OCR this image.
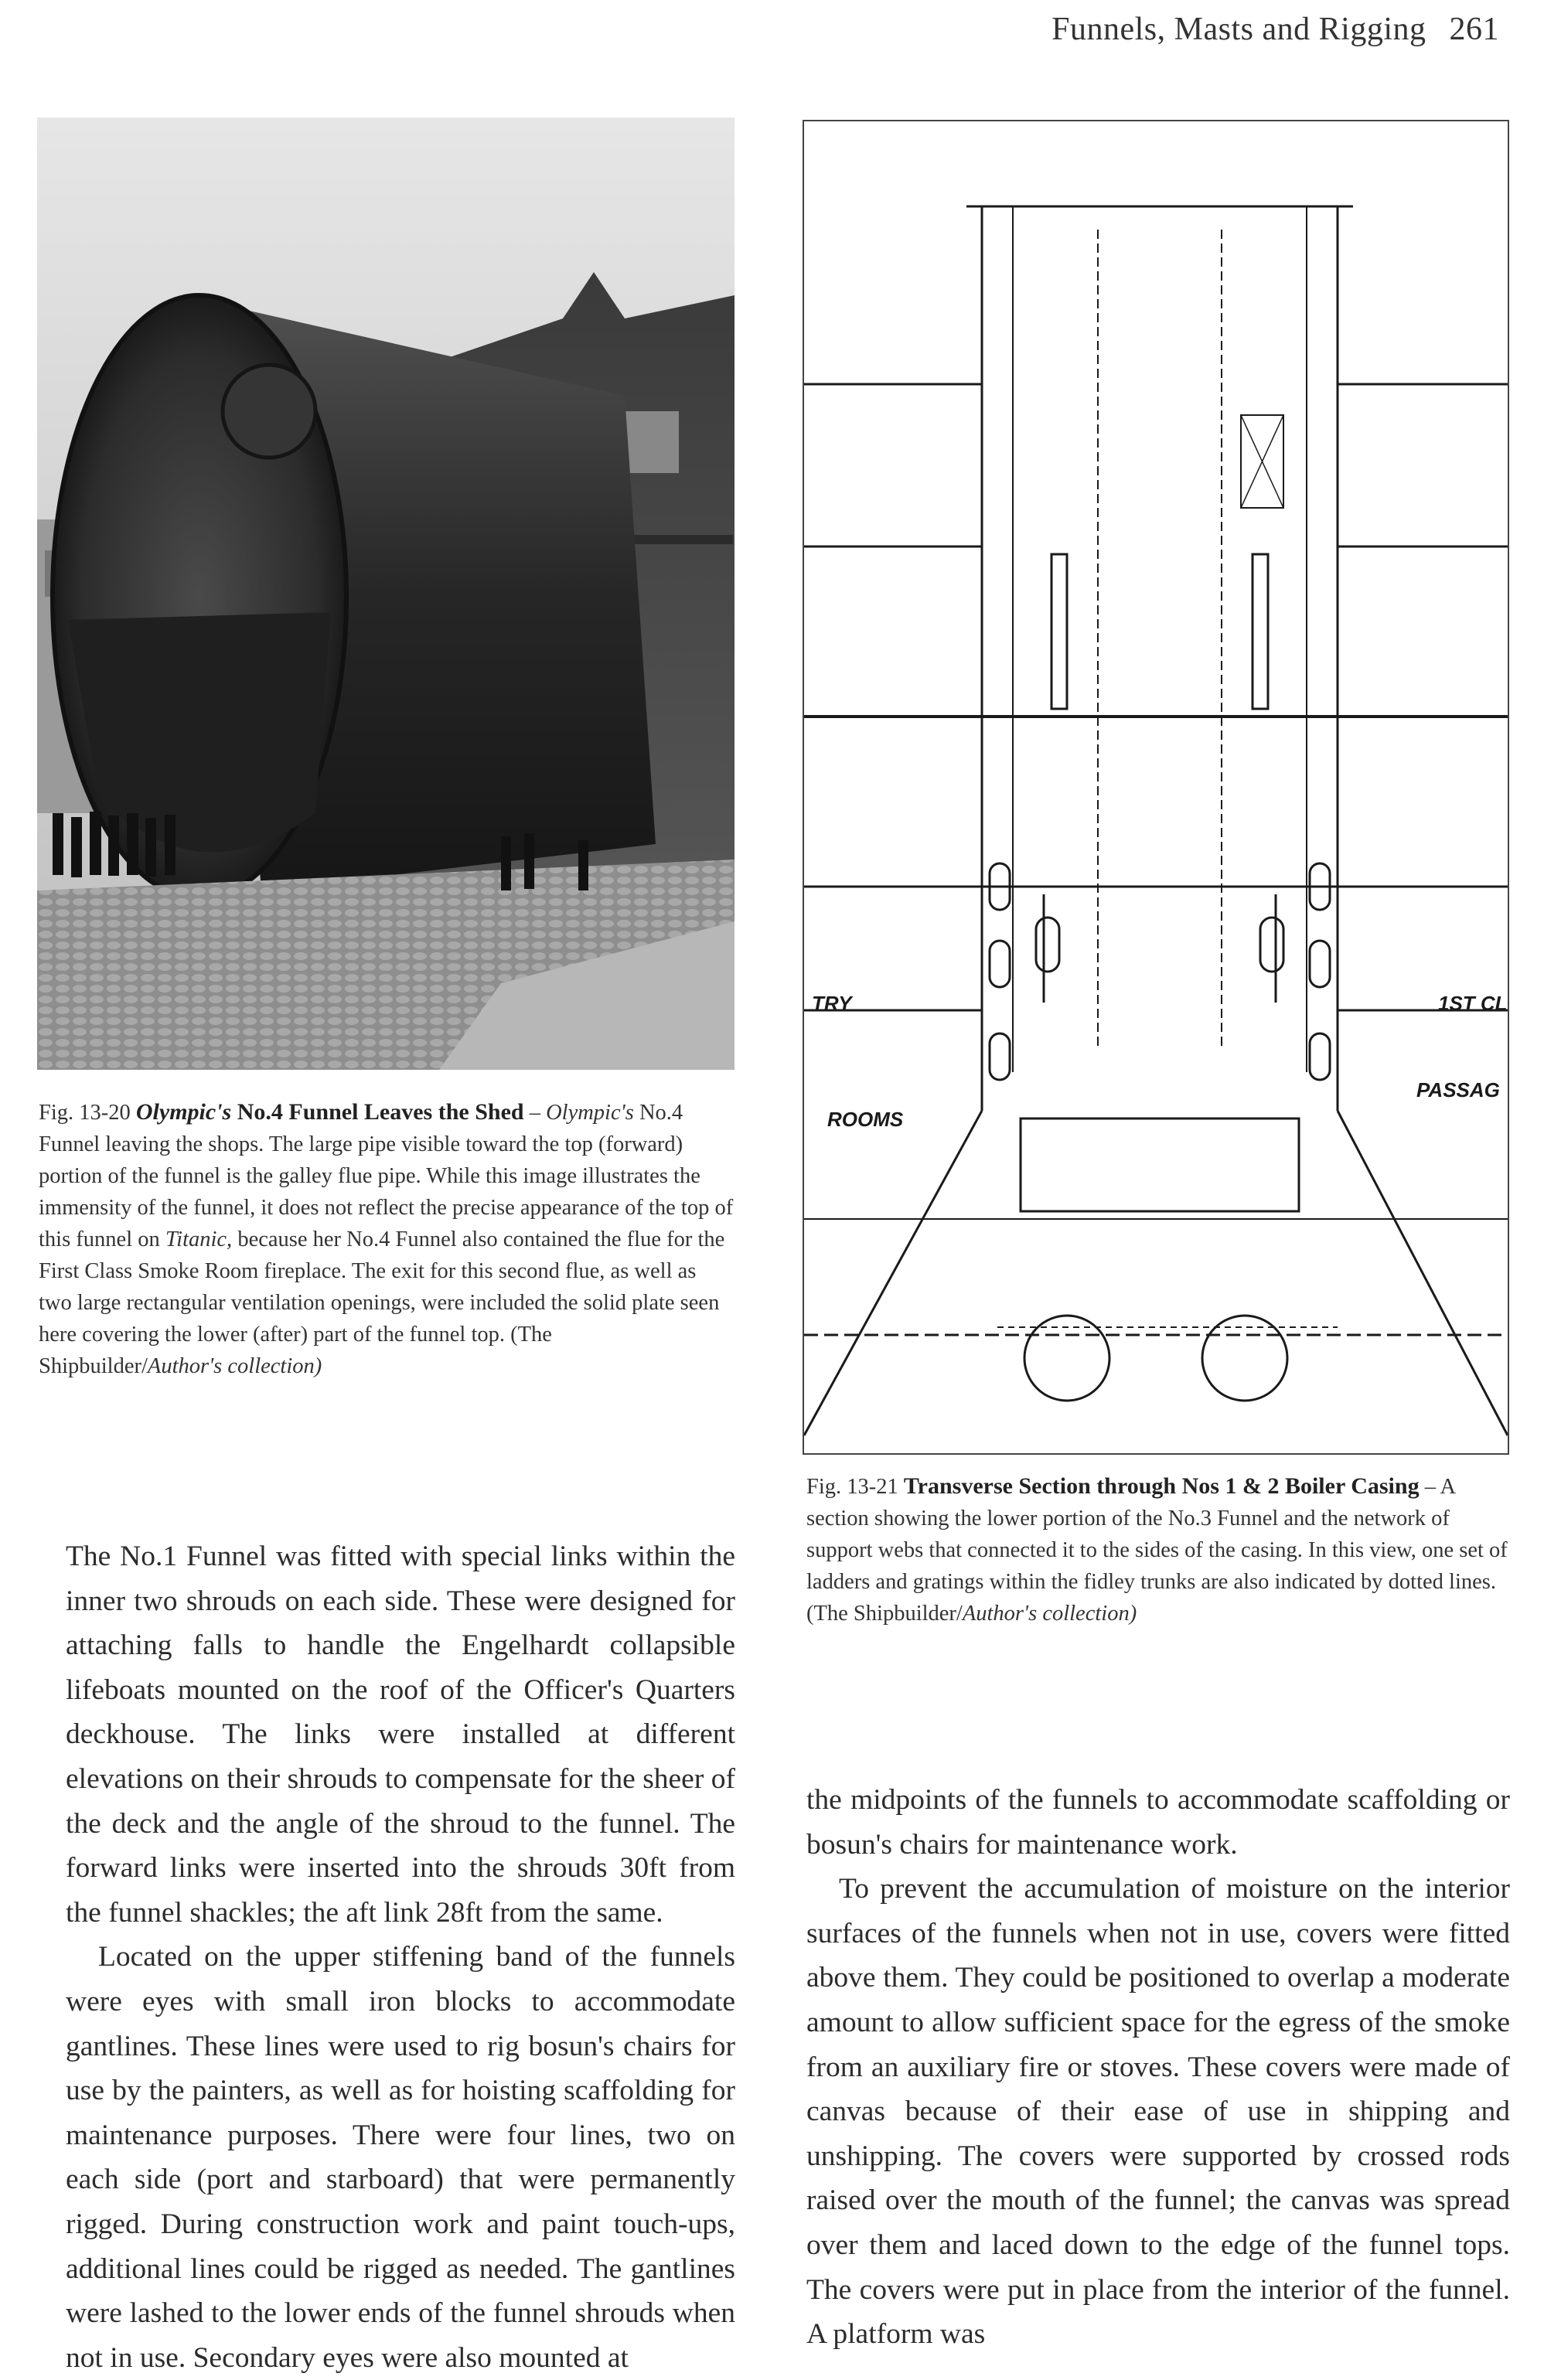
Funnels, Masts and Rigging 261
Fig. 13-20 Olympic's No.4 Funnel Leaves the Shed – Olympic's No.4 Funnel leaving the shops. The large pipe visible toward the top (forward) portion of the funnel is the galley flue pipe. While this image illustrates the immensity of the funnel, it does not reflect the precise appearance of the top of this funnel on Titanic, because her No.4 Funnel also contained the flue for the First Class Smoke Room fireplace. The exit for this second flue, as well as two large rectangular ventilation openings, were included the solid plate seen here covering the lower (after) part of the funnel top. (The Shipbuilder/Author's collection)
TRY	1ST CL
PASSAG
ROOMS
Fig. 13-21 Transverse Section through Nos 1 & 2 Boiler Casing – A section showing the lower portion of the No.3 Funnel and the network of support webs that connected it to the sides of the casing. In this view, one set of ladders and gratings within the fidley trunks are also indicated by dotted lines. (The Shipbuilder/Author's collection)

The No.1 Funnel was fitted with special links within the inner two shrouds on each side. These were designed for attaching falls to handle the Engelhardt collapsible lifeboats mounted on the roof of the Officer's Quarters deckhouse. The links were installed at different elevations on their shrouds to compensate for the sheer of the deck and the angle of the shroud to the funnel. The forward links were inserted into the shrouds 30ft from the funnel shackles; the aft link 28ft from the same.

Located on the upper stiffening band of the funnels were eyes with small iron blocks to accommodate gantlines. These lines were used to rig bosun's chairs for use by the painters, as well as for hoisting scaffolding for maintenance purposes. There were four lines, two on each side (port and starboard) that were permanently rigged. During construction work and paint touch-ups, additional lines could be rigged as needed. The gantlines were lashed to the lower ends of the funnel shrouds when not in use. Secondary eyes were also mounted at

the midpoints of the funnels to accommodate scaffolding or bosun's chairs for maintenance work.

To prevent the accumulation of moisture on the interior surfaces of the funnels when not in use, covers were fitted above them. They could be positioned to overlap a moderate amount to allow sufficient space for the egress of the smoke from an auxiliary fire or stoves. These covers were made of canvas because of their ease of use in shipping and unshipping. The covers were supported by crossed rods raised over the mouth of the funnel; the canvas was spread over them and laced down to the edge of the funnel tops. The covers were put in place from the interior of the funnel. A platform was
